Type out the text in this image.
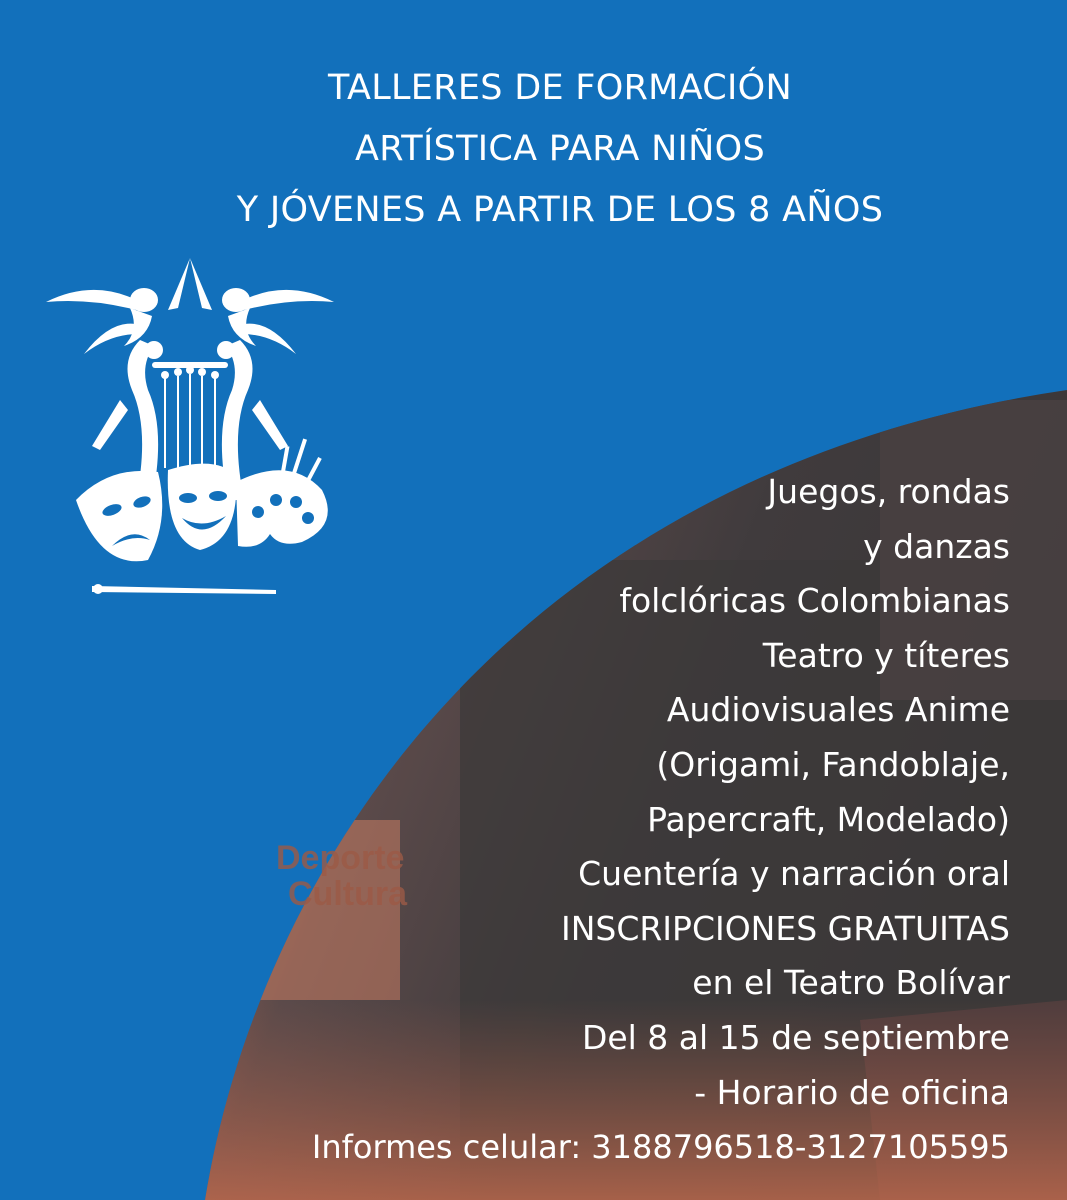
Deporte
Cultura
TALLERES DE FORMACIÓN
ARTÍSTICA PARA NIÑOS
Y JÓVENES A PARTIR DE LOS 8 AÑOS
Juegos, rondas
y danzas
folclóricas Colombianas
Teatro y títeres
Audiovisuales Anime
(Origami, Fandoblaje,
Papercraft, Modelado)
Cuentería y narración oral
INSCRIPCIONES GRATUITAS
en el Teatro Bolívar
Del 8 al 15 de septiembre
- Horario de oficina
Informes celular: 3188796518-3127105595
